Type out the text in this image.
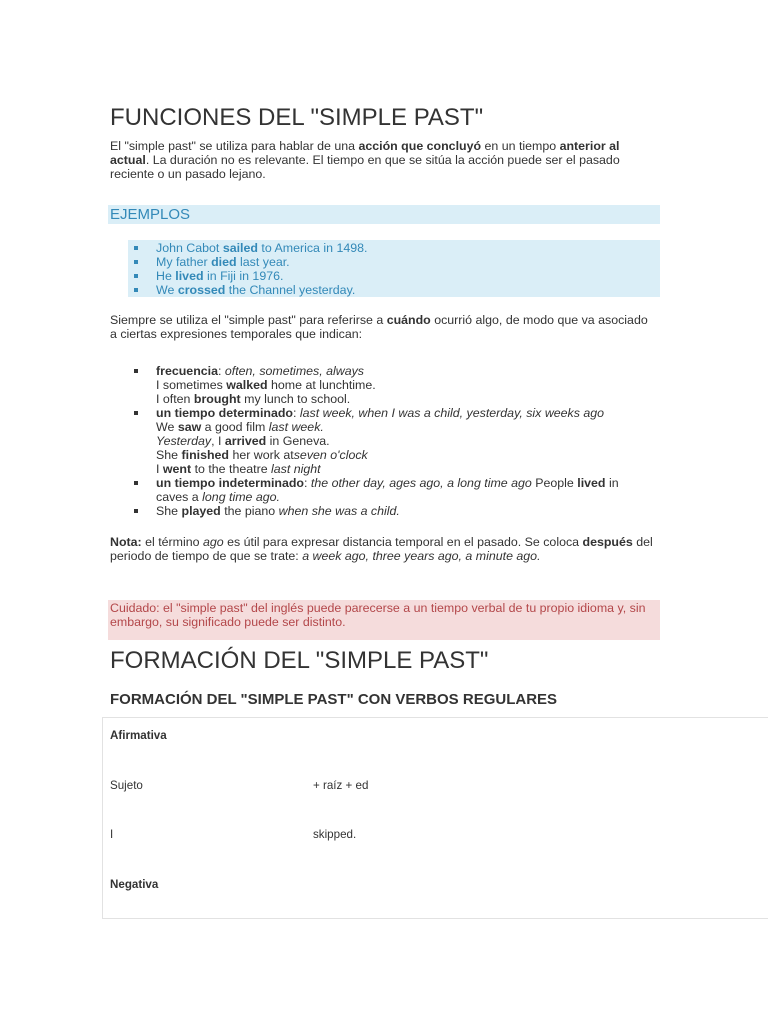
FUNCIONES DEL "SIMPLE PAST"

El "simple past" se utiliza para hablar de una acción que concluyó en un tiempo anterior al actual. La duración no es relevante. El tiempo en que se sitúa la acción puede ser el pasado reciente o un pasado lejano.

EJEMPLOS
John Cabot sailed to America in 1498.
My father died last year.
He lived in Fiji in 1976.
We crossed the Channel yesterday.

Siempre se utiliza el "simple past" para referirse a cuándo ocurrió algo, de modo que va asociado a ciertas expresiones temporales que indican:

frecuencia: often, sometimes, always
I sometimes walked home at lunchtime.
I often brought my lunch to school.
un tiempo determinado: last week, when I was a child, yesterday, six weeks ago
We saw a good film last week.
Yesterday, I arrived in Geneva.
She finished her work atseven o'clock
I went to the theatre last night
un tiempo indeterminado: the other day, ages ago, a long time ago People lived in caves a long time ago.
She played the piano when she was a child.

Nota: el término ago es útil para expresar distancia temporal en el pasado. Se coloca después del periodo de tiempo de que se trate: a week ago, three years ago, a minute ago.

Cuidado: el "simple past" del inglés puede parecerse a un tiempo verbal de tu propio idioma y, sin embargo, su significado puede ser distinto.
FORMACIÓN DEL "SIMPLE PAST"
FORMACIÓN DEL "SIMPLE PAST" CON VERBOS REGULARES
Afirmativa
Sujeto	+ raíz + ed
I	skipped.
Negativa
